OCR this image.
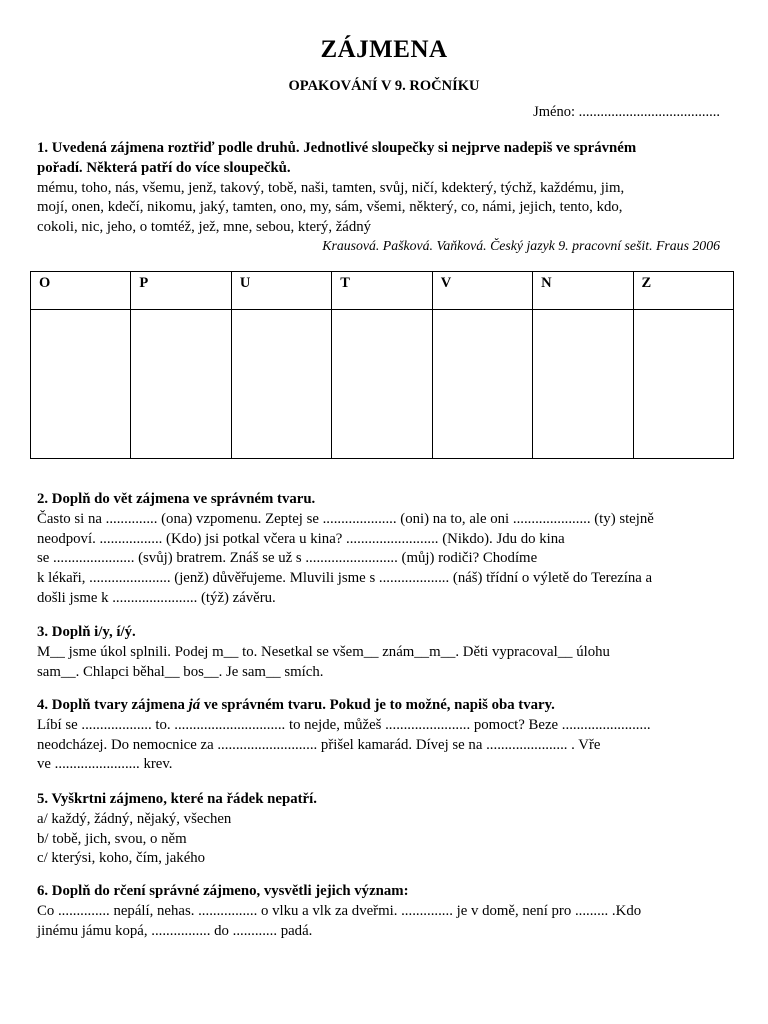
ZÁJMENA
OPAKOVÁNÍ V 9. ROČNÍKU
Jméno: .......................................
1. Uvedená zájmena roztřiď podle druhů. Jednotlivé sloupečky si nejprve nadepiš ve správném
pořadí. Některá patří do více sloupečků.
mému, toho, nás, všemu, jenž, takový, tobě, naši, tamten, svůj, ničí, kdekterý, týchž, každému, jim,
mojí, onen, kdečí, nikomu, jaký, tamten, ono, my, sám, všemi, některý, co, námi, jejich, tento, kdo,
cokoli, nic, jeho, o tomtéž, jež, mne, sebou, který, žádný
Krausová. Pašková. Vaňková. Český jazyk 9. pracovní sešit. Fraus 2006
O	P	U	T	V	N	Z

2. Doplň do vět zájmena ve správném tvaru.
Často si na .............. (ona) vzpomenu. Zeptej se .................... (oni) na to, ale oni ..................... (ty) stejně
neodpoví. ................. (Kdo) jsi potkal včera u kina? ......................... (Nikdo). Jdu do kina
se ...................... (svůj) bratrem. Znáš se už s ......................... (můj) rodiči? Chodíme
k lékaři, ...................... (jenž) důvěřujeme. Mluvili jsme s ................... (náš) třídní o výletě do Terezína a
došli jsme k ....................... (týž) závěru.
3. Doplň i/y, í/ý.
M__ jsme úkol splnili. Podej m__ to. Nesetkal se všem__ znám__m__. Děti vypracoval__ úlohu
sam__. Chlapci běhal__ bos__. Je sam__ smích.
4. Doplň tvary zájmena já ve správném tvaru. Pokud je to možné, napiš oba tvary.
Líbí se ................... to. .............................. to nejde, můžeš ....................... pomoct? Beze ........................
neodcházej. Do nemocnice za ........................... přišel kamarád. Dívej se na ...................... . Vře
ve ....................... krev.
5. Vyškrtni zájmeno, které na řádek nepatří.
a/ každý, žádný, nějaký, všechen
b/ tobě, jich, svou, o něm
c/ kterýsi, koho, čím, jakého
6. Doplň do rčení správné zájmeno, vysvětli jejich význam:
Co .............. nepálí, nehas. ................ o vlku a vlk za dveřmi. .............. je v domě, není pro ......... .Kdo
jinému jámu kopá, ................ do ............ padá.
